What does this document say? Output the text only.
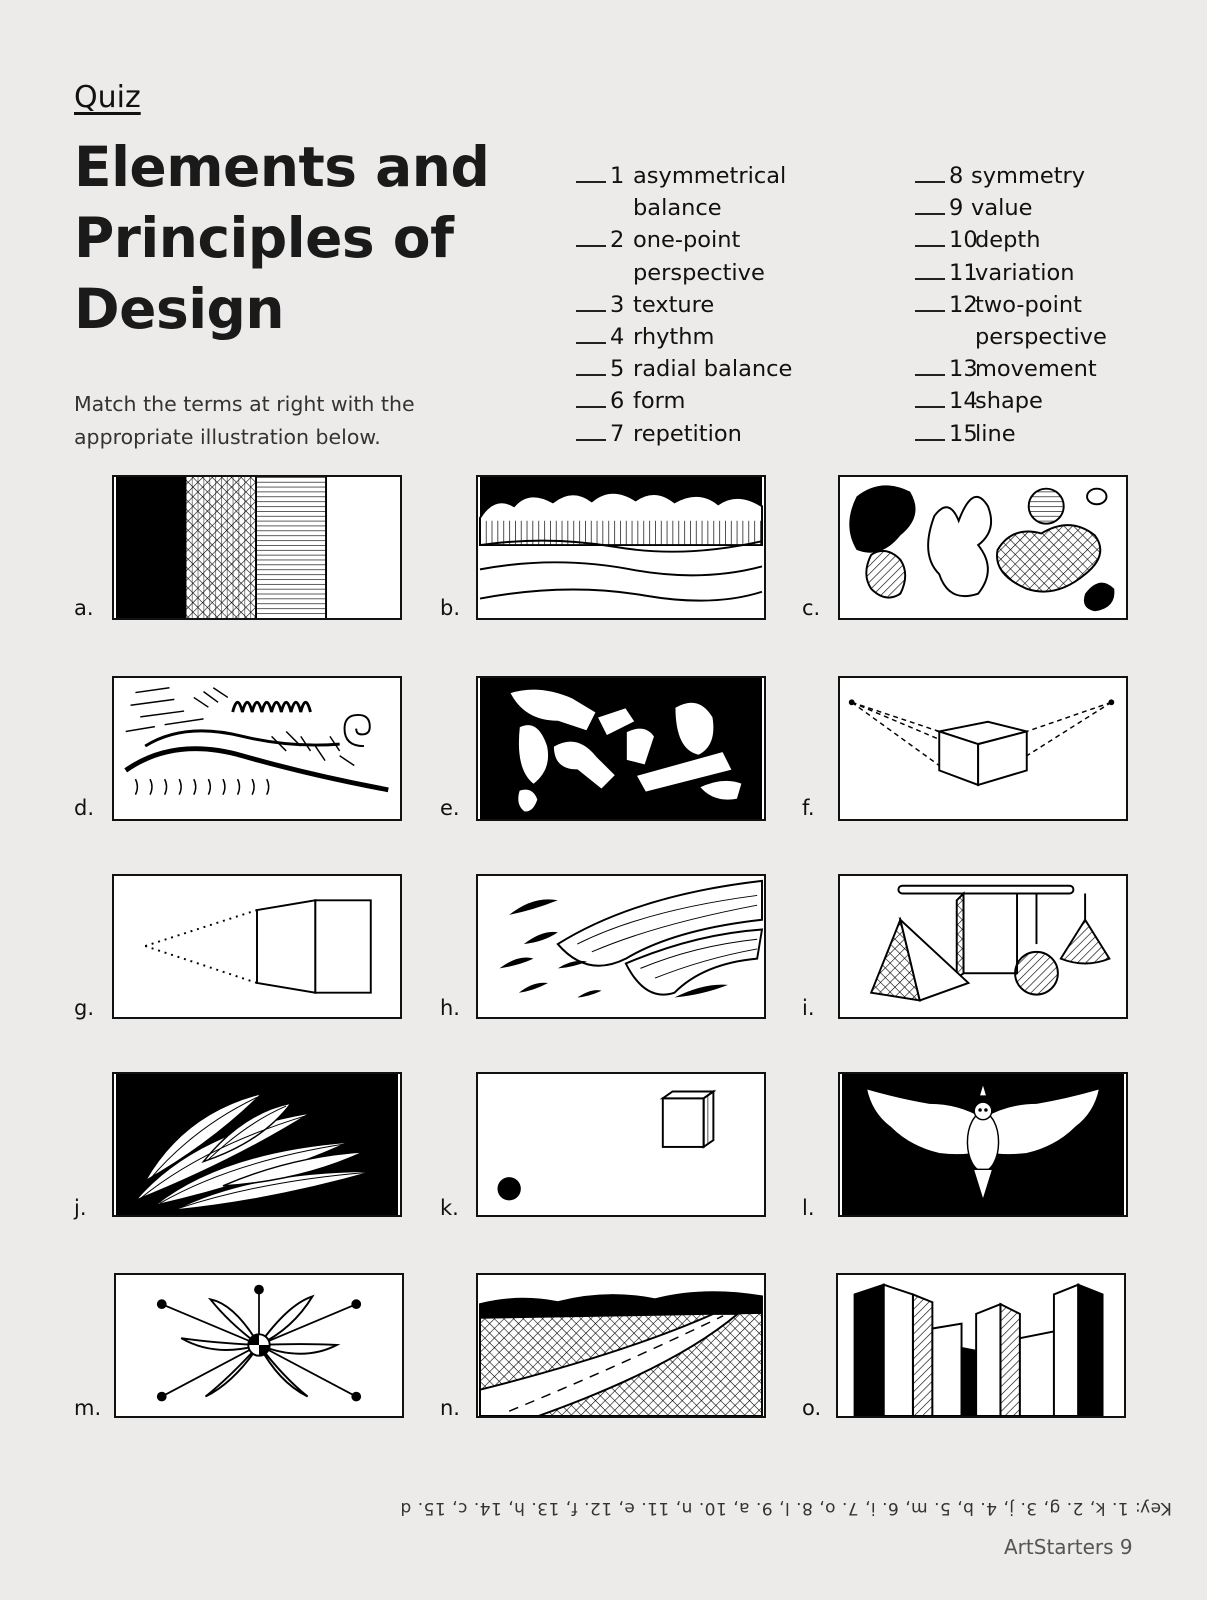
Quiz
Elements and
Principles of
Design
Match the terms at right with the
appropriate illustration below.
1 asymmetrical
balance
2 one-point
perspective
3 texture
4 rhythm
5 radial balance
6 form
7 repetition
8 symmetry
9 value
10
depth
11
variation
12
two-point
perspective
13
movement
14
shape
15
line
a.	b.	c.
d.	e.	f.
g.	h.	i.
j.	k.	l.
m.	n.	o.
Key: 1. k, 2. g, 3. j, 4. b, 5. m, 6. i, 7. o, 8. l, 9. a, 10. n, 11. e, 12. f, 13. h, 14. c, 15. d
ArtStarters 9
